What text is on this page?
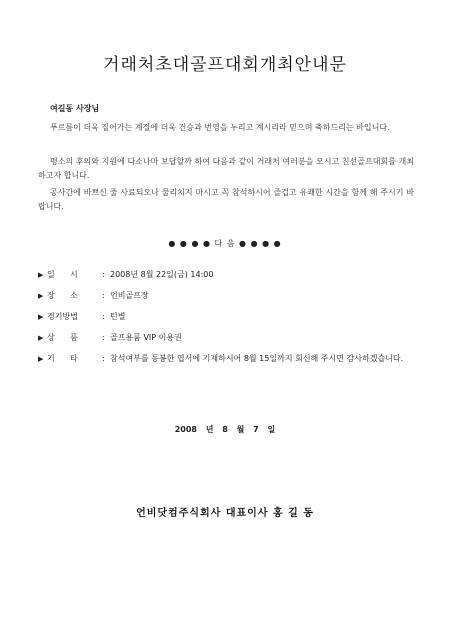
거래처초대골프대회개최안내문
여길동 사장님
푸르름이 더욱 짙어가는 계절에 더욱 건승과 번영을 누리고 계시리라 믿으며 축하드리는 바입니다.
평소의 후의와 지원에 다소나마 보답할까 하여 다음과 같이 거래처 여러분을 모시고 친선골프대회를 개최하고자 합니다.
공사간에 바쁘신 줄 사료되오나 물리치지 마시고 꼭 참석하시어 즐겁고 유쾌한 시간을 함께 해 주시기 바랍니다.
● ● ● ● 다 음 ● ● ● ●
▶ 일      시	: 2008년 8월 22일(금) 14:00
▶ 장      소	: 언비골프장
▶ 경기방법	: 턴별
▶ 상      품	: 골프용품 VIP 이용권
▶ 기      타	: 참석여부를 동봉한 엽서에 기재하시어 8월 15일까지 회신해 주시면 감사하겠습니다.
2008 년 8 월 7 일
언비닷컴주식회사 대표이사 홍 길 동
